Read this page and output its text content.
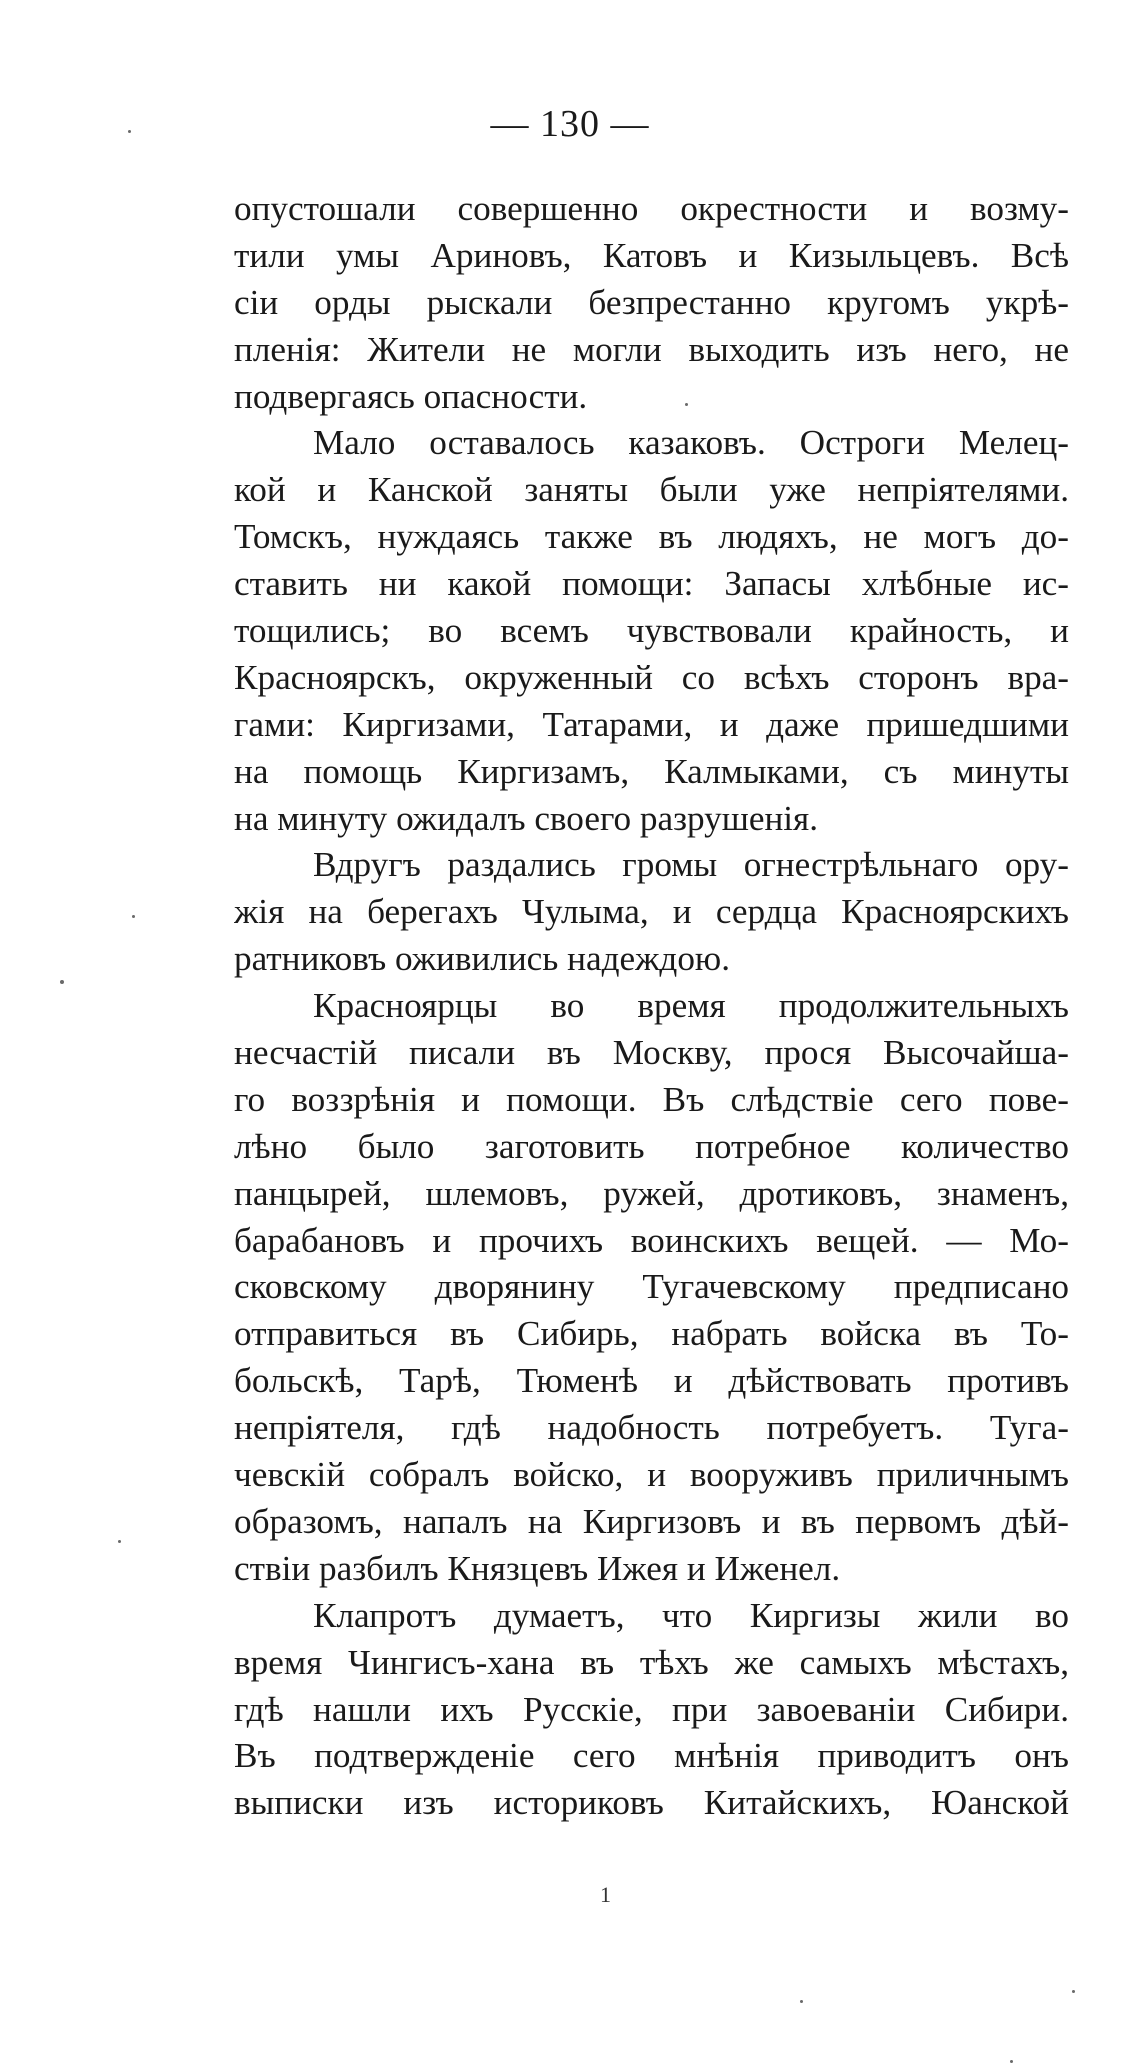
— 130 —
опустошали совершенно окрестности и возму-
тили умы Ариновъ, Катовъ и Кизыльцевъ. Всѣ
сіи орды рыскали безпрестанно кругомъ укрѣ-
пленія: Жители не могли выходить изъ него, не
подвергаясь опасности.
Мало оставалось казаковъ. Остроги Мелец-
кой и Канской заняты были уже непріятелями.
Томскъ, нуждаясь также въ людяхъ, не могъ до-
ставить ни какой помощи: Запасы хлѣбные ис-
тощились; во всемъ чувствовали крайность, и
Красноярскъ, окруженный со всѣхъ сторонъ вра-
гами: Киргизами, Татарами, и даже пришедшими
на помощь Киргизамъ, Калмыками, съ минуты
на минуту ожидалъ своего разрушенія.
Вдругъ раздались громы огнестрѣльнаго ору-
жія на берегахъ Чулыма, и сердца Красноярскихъ
ратниковъ оживились надеждою.
Красноярцы во время продолжительныхъ
несчастій писали въ Москву, прося Высочайша-
го воззрѣнія и помощи. Въ слѣдствіе сего пове-
лѣно было заготовить потребное количество
панцырей, шлемовъ, ружей, дротиковъ, знаменъ,
барабановъ и прочихъ воинскихъ вещей. — Мо-
сковскому дворянину Тугачевскому предписано
отправиться въ Сибирь, набрать войска въ То-
больскѣ, Тарѣ, Тюменѣ и дѣйствовать противъ
непріятеля, гдѣ надобность потребуетъ. Туга-
чевскій собралъ войско, и вооруживъ приличнымъ
образомъ, напалъ на Киргизовъ и въ первомъ дѣй-
ствіи разбилъ Князцевъ Ижея и Иженел.
Клапротъ думаетъ, что Киргизы жили во
время Чингисъ-хана въ тѣхъ же самыхъ мѣстахъ,
гдѣ нашли ихъ Русскіе, при завоеваніи Сибири.
Въ подтвержденіе сего мнѣнія приводитъ онъ
выписки изъ историковъ Китайскихъ, Юанской
1
